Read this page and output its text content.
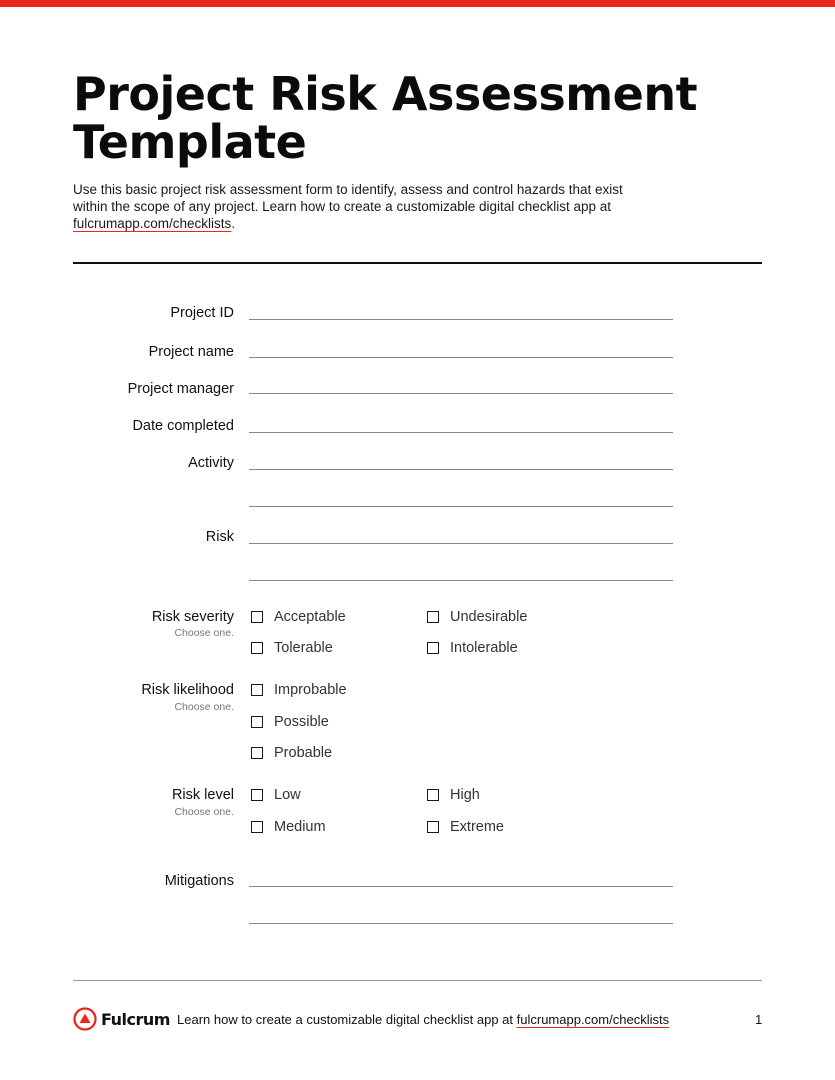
Project Risk Assessment Template
Use this basic project risk assessment form to identify, assess and control hazards that exist within the scope of any project. Learn how to create a customizable digital checklist app at fulcrumapp.com/checklists.
Project ID
Project name
Project manager
Date completed
Activity
Risk
Risk severity
Choose one.
Acceptable	Undesirable
Tolerable	Intolerable
Risk likelihood
Choose one.
Improbable
Possible
Probable
Risk level
Choose one.
Low	High
Medium	Extreme
Mitigations
Fulcrum Learn how to create a customizable digital checklist app at fulcrumapp.com/checklists	1
